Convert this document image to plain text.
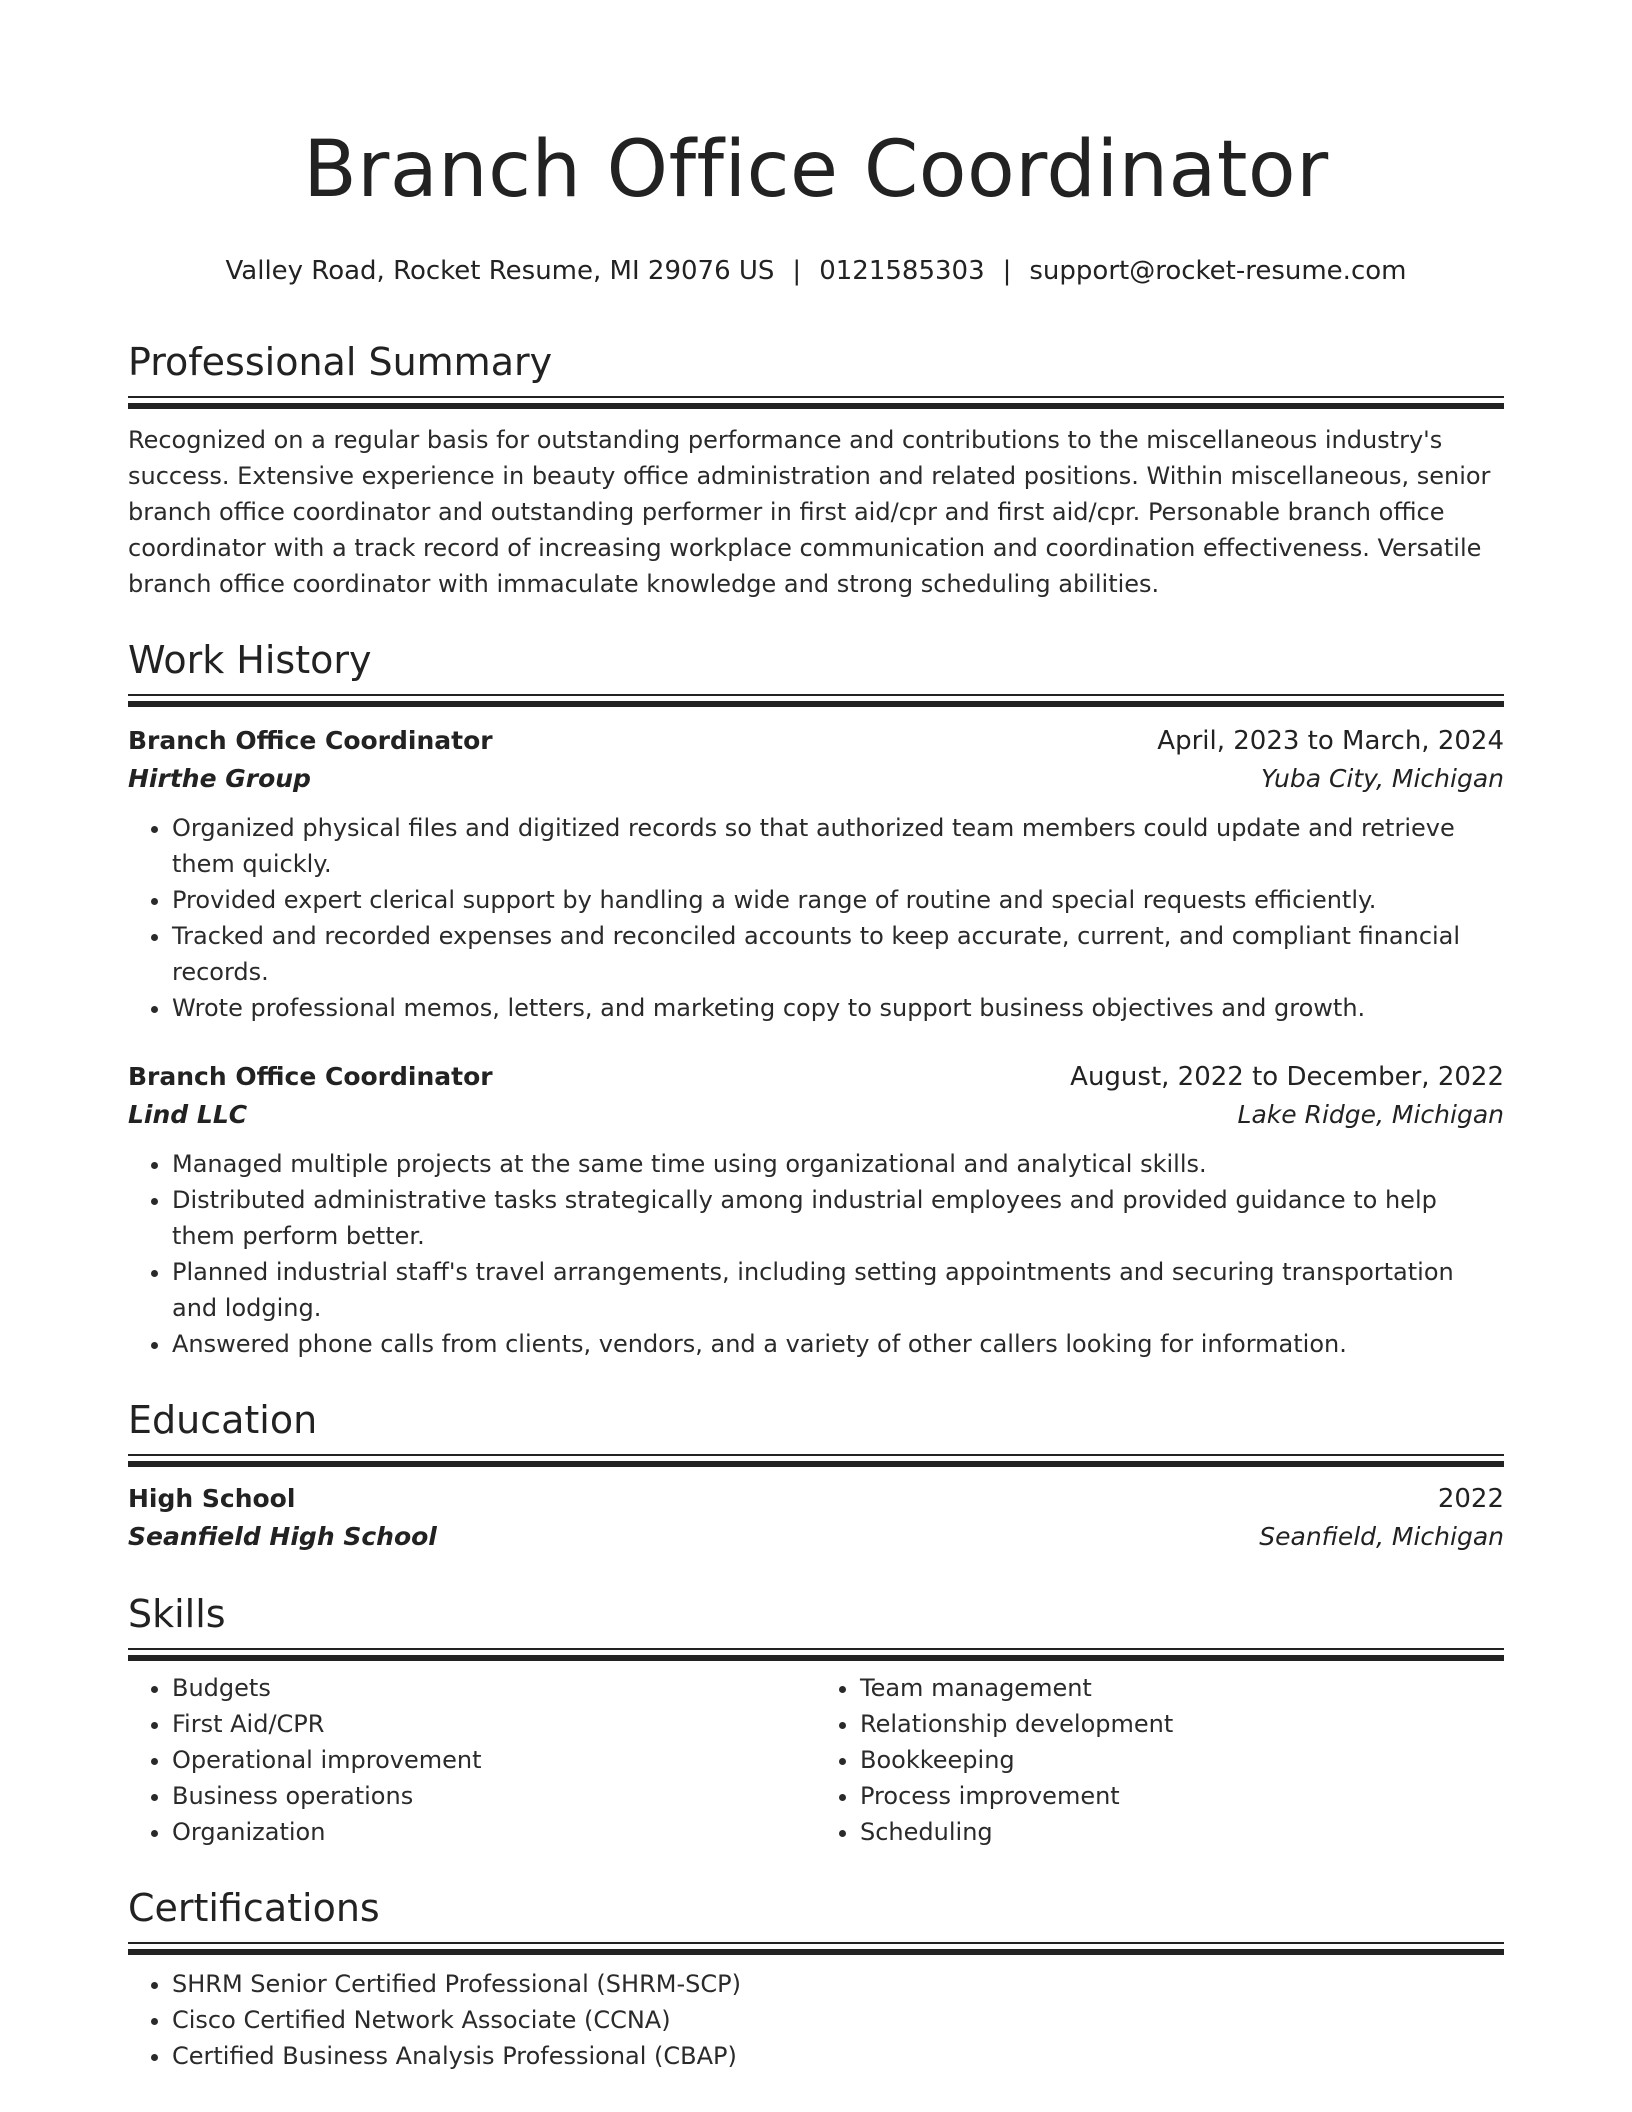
Branch Office Coordinator
Valley Road, Rocket Resume, MI 29076 US | 0121585303 | support@rocket-resume.com
Professional Summary
Recognized on a regular basis for outstanding performance and contributions to the miscellaneous industry's success. Extensive experience in beauty office administration and related positions. Within miscellaneous, senior branch office coordinator and outstanding performer in first aid/cpr and first aid/cpr. Personable branch office coordinator with a track record of increasing workplace communication and coordination effectiveness. Versatile branch office coordinator with immaculate knowledge and strong scheduling abilities.
Work History
Branch Office Coordinator	April, 2023 to March, 2024
Hirthe Group	Yuba City, Michigan
• Organized physical files and digitized records so that authorized team members could update and retrieve them quickly.
• Provided expert clerical support by handling a wide range of routine and special requests efficiently.
• Tracked and recorded expenses and reconciled accounts to keep accurate, current, and compliant financial records.
• Wrote professional memos, letters, and marketing copy to support business objectives and growth.
Branch Office Coordinator	August, 2022 to December, 2022
Lind LLC	Lake Ridge, Michigan
• Managed multiple projects at the same time using organizational and analytical skills.
• Distributed administrative tasks strategically among industrial employees and provided guidance to help them perform better.
• Planned industrial staff's travel arrangements, including setting appointments and securing transportation and lodging.
• Answered phone calls from clients, vendors, and a variety of other callers looking for information.
Education
High School	2022
Seanfield High School	Seanfield, Michigan
Skills
• Budgets
• First Aid/CPR
• Operational improvement
• Business operations
• Organization
• Team management
• Relationship development
• Bookkeeping
• Process improvement
• Scheduling
Certifications
• SHRM Senior Certified Professional (SHRM-SCP)
• Cisco Certified Network Associate (CCNA)
• Certified Business Analysis Professional (CBAP)
